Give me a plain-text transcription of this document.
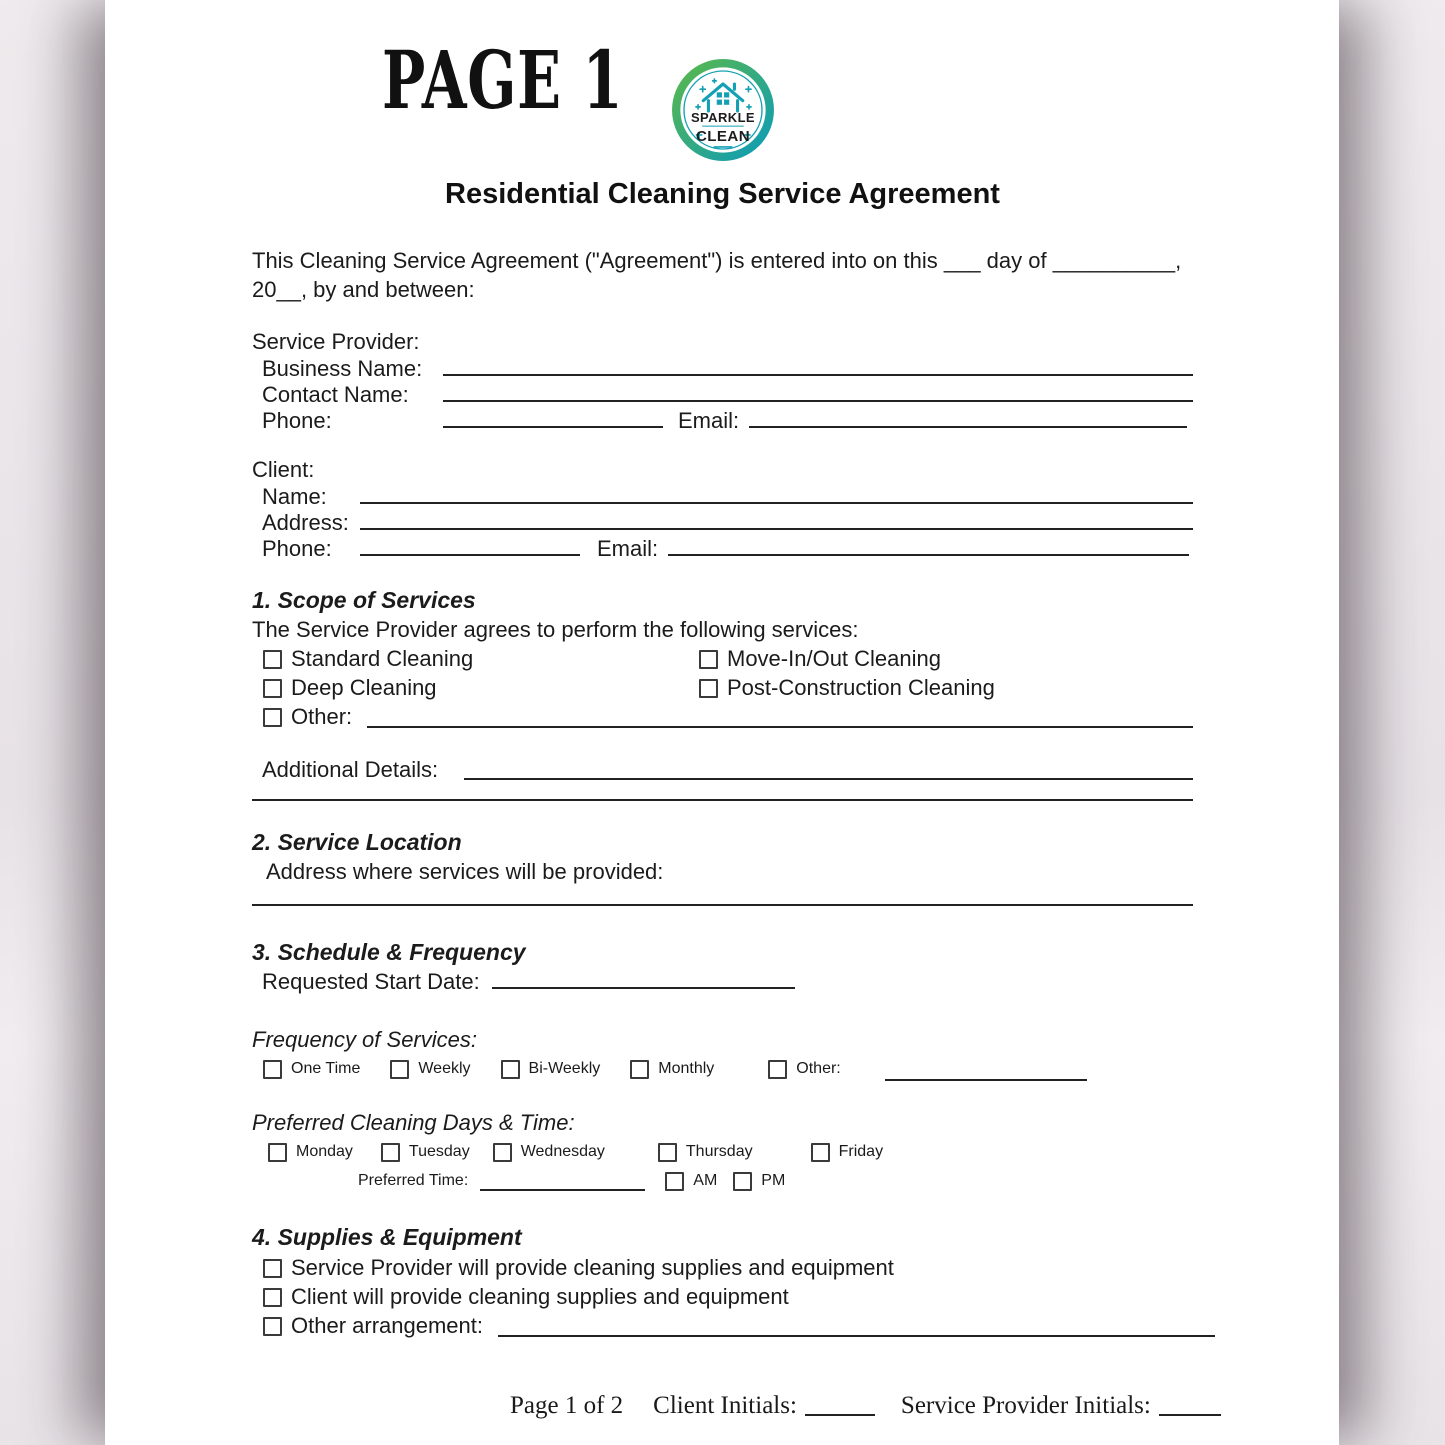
PAGE 1	SPARKLE
CLEAN
Residential Cleaning Service Agreement
This Cleaning Service Agreement ("Agreement") is entered into on this ___ day of __________,
20__, by and between:
Service Provider:
Business Name:
Contact Name:
Phone:	Email:
Client:
Name:
Address:
Phone:	Email:
1. Scope of Services
The Service Provider agrees to perform the following services:
Standard Cleaning	Move-In/Out Cleaning
Deep Cleaning	Post-Construction Cleaning
Other:
Additional Details:
2. Service Location
Address where services will be provided:
3. Schedule & Frequency
Requested Start Date:
Frequency of Services:
One Time	Weekly	Bi-Weekly	Monthly	Other:
Preferred Cleaning Days & Time:
Monday	Tuesday	Wednesday	Thursday	Friday
Preferred Time:	AM	PM
4. Supplies & Equipment
Service Provider will provide cleaning supplies and equipment
Client will provide cleaning supplies and equipment
Other arrangement:
Page 1 of 2 Client Initials:	Service Provider Initials:
